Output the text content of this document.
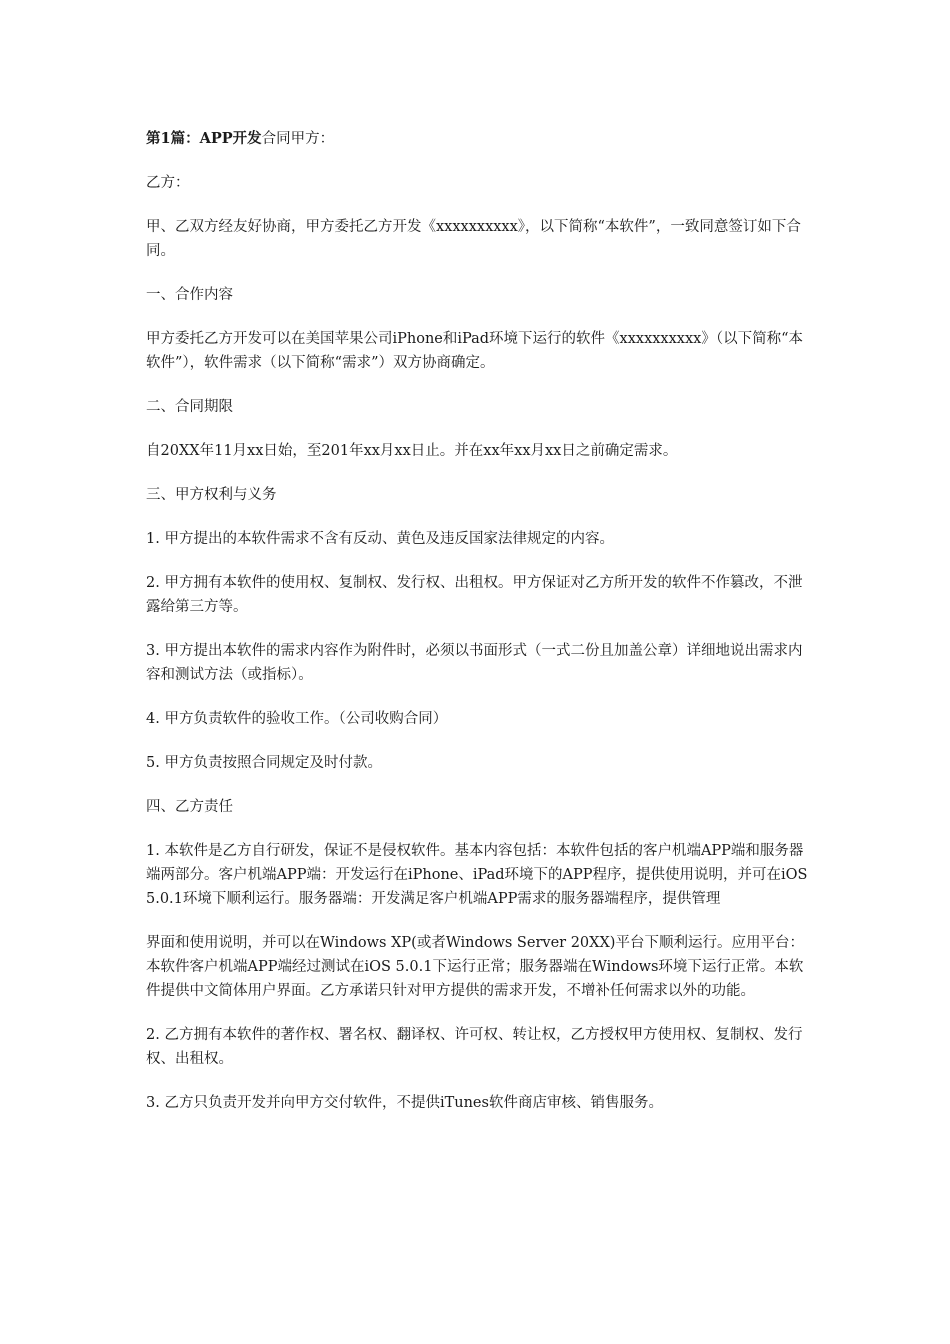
第1篇：APP开发合同甲方：

乙方：

甲、乙双方经友好协商，甲方委托乙方开发《xxxxxxxxxx》，以下简称“本软件”，一致同意签订如下合同。

一、合作内容

甲方委托乙方开发可以在美国苹果公司iPhone和iPad环境下运行的软件《xxxxxxxxxx》（以下简称“本软件”），软件需求（以下简称“需求”）双方协商确定。

二、合同期限

自20XX年11月xx日始，至201年xx月xx日止。并在xx年xx月xx日之前确定需求。

三、甲方权利与义务

1. 甲方提出的本软件需求不含有反动、黄色及违反国家法律规定的内容。

2. 甲方拥有本软件的使用权、复制权、发行权、出租权。甲方保证对乙方所开发的软件不作篡改，不泄露给第三方等。

3. 甲方提出本软件的需求内容作为附件时，必须以书面形式（一式二份且加盖公章）详细地说出需求内容和测试方法（或指标）。

4. 甲方负责软件的验收工作。（公司收购合同）

5. 甲方负责按照合同规定及时付款。

四、乙方责任

1. 本软件是乙方自行研发，保证不是侵权软件。基本内容包括：本软件包括的客户机端APP端和服务器端两部分。客户机端APP端：开发运行在iPhone、iPad环境下的APP程序，提供使用说明，并可在iOS 5.0.1环境下顺利运行。服务器端：开发满足客户机端APP需求的服务器端程序，提供管理

界面和使用说明，并可以在Windows XP(或者Windows Server 20XX)平台下顺利运行。应用平台：本软件客户机端APP端经过测试在iOS 5.0.1下运行正常；服务器端在Windows环境下运行正常。本软件提供中文简体用户界面。乙方承诺只针对甲方提供的需求开发，不增补任何需求以外的功能。

2. 乙方拥有本软件的著作权、署名权、翻译权、许可权、转让权，乙方授权甲方使用权、复制权、发行权、出租权。

3. 乙方只负责开发并向甲方交付软件，不提供iTunes软件商店审核、销售服务。
